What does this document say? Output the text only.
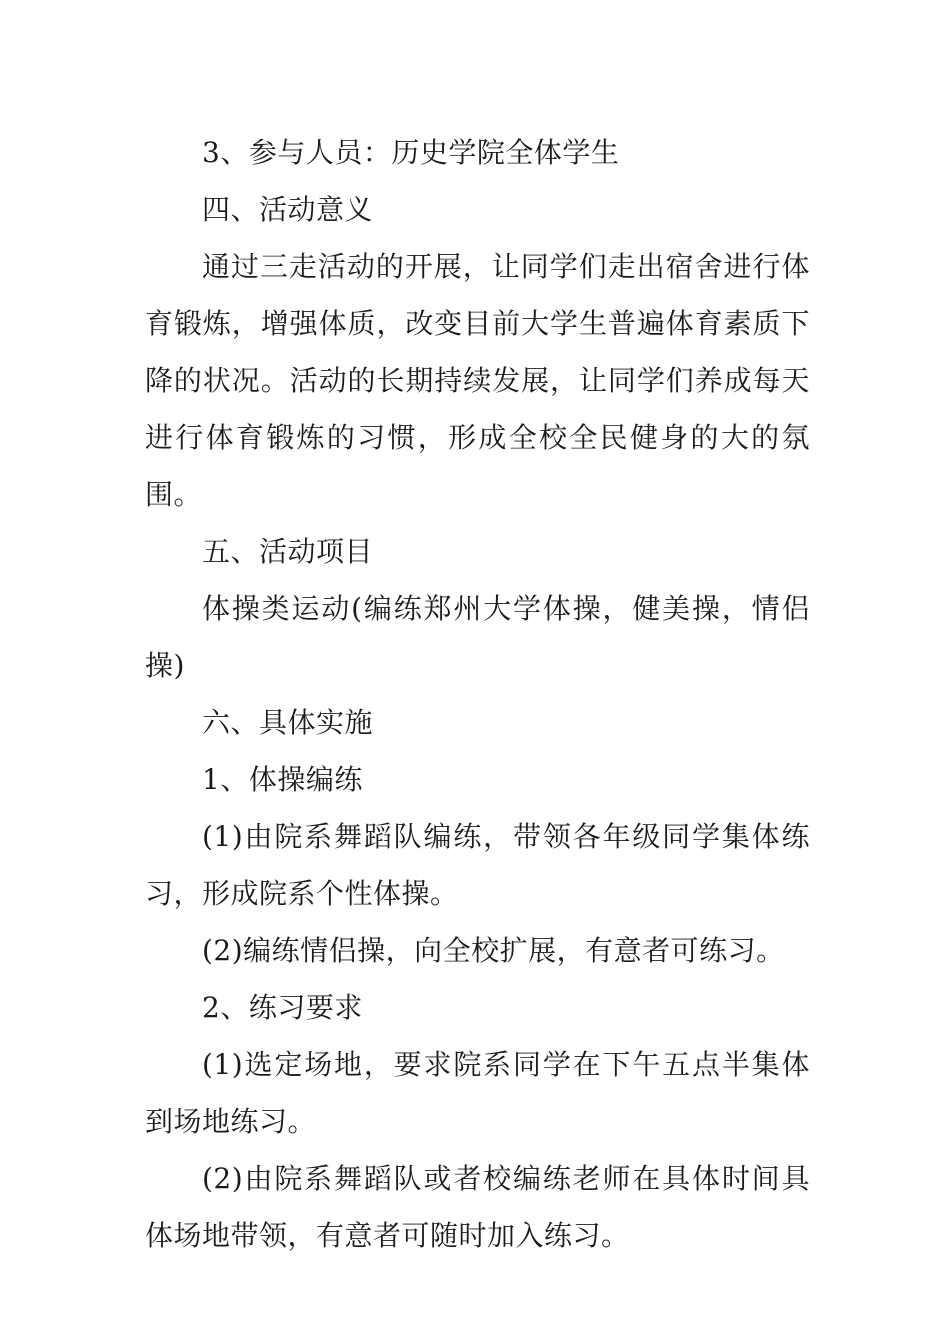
3、参与人员：历史学院全体学生

四、活动意义

通过三走活动的开展，让同学们走出宿舍进行体育锻炼，增强体质，改变目前大学生普遍体育素质下降的状况。活动的长期持续发展，让同学们养成每天进行体育锻炼的习惯，形成全校全民健身的大的氛围。

五、活动项目

体操类运动(编练郑州大学体操，健美操，情侣操)

六、具体实施

1、体操编练

(1)由院系舞蹈队编练，带领各年级同学集体练习，形成院系个性体操。

(2)编练情侣操，向全校扩展，有意者可练习。

2、练习要求

(1)选定场地，要求院系同学在下午五点半集体到场地练习。

(2)由院系舞蹈队或者校编练老师在具体时间具体场地带领，有意者可随时加入练习。
